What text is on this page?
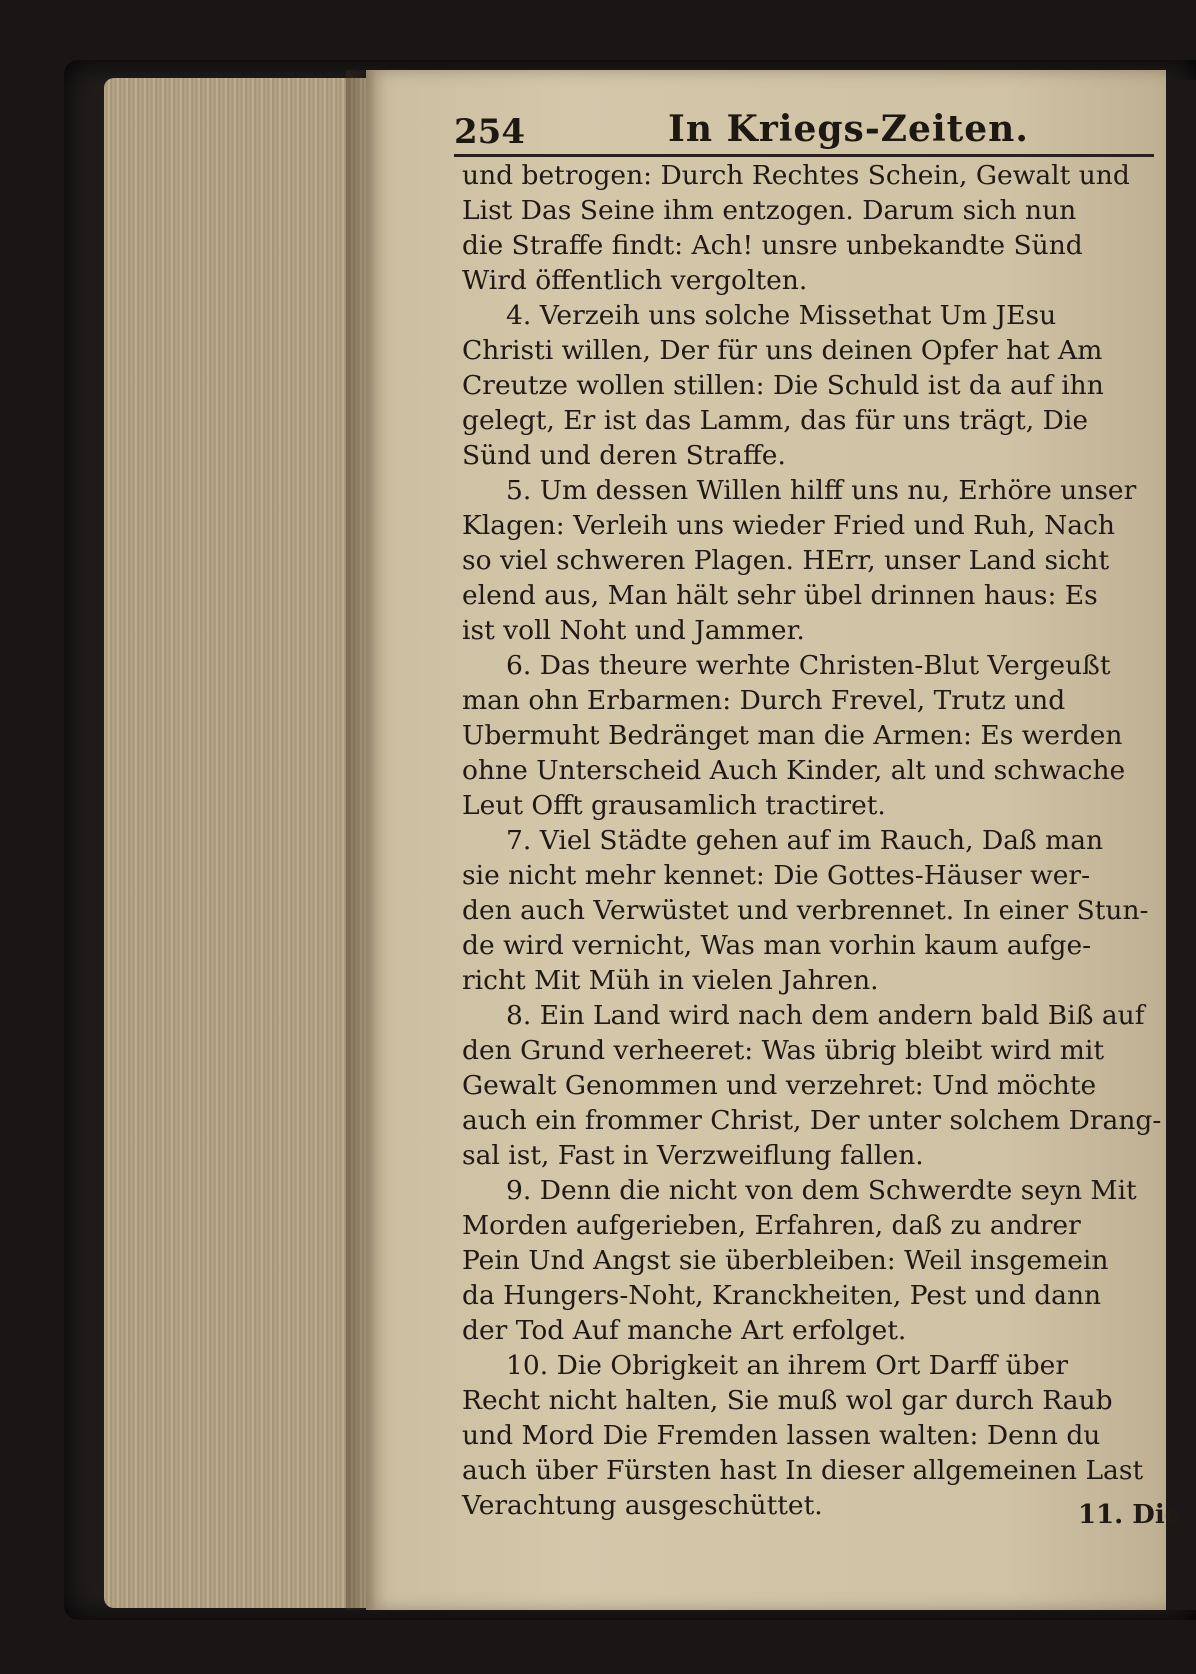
254	In Kriegs-Zeiten.
und betrogen: Durch Rechtes Schein, Gewalt und
List Das Seine ihm entzogen. Darum sich nun
die Straffe findt: Ach! unsre unbekandte Sünd
Wird öffentlich vergolten.
4. Verzeih uns solche Missethat Um JEsu
Christi willen, Der für uns deinen Opfer hat Am
Creutze wollen stillen: Die Schuld ist da auf ihn
gelegt, Er ist das Lamm, das für uns trägt, Die
Sünd und deren Straffe.
5. Um dessen Willen hilff uns nu, Erhöre unser
Klagen: Verleih uns wieder Fried und Ruh, Nach
so viel schweren Plagen. HErr, unser Land sicht
elend aus, Man hält sehr übel drinnen haus: Es
ist voll Noht und Jammer.
6. Das theure werhte Christen-Blut Vergeußt
man ohn Erbarmen: Durch Frevel, Trutz und
Ubermuht Bedränget man die Armen: Es werden
ohne Unterscheid Auch Kinder, alt und schwache
Leut Offt grausamlich tractiret.
7. Viel Städte gehen auf im Rauch, Daß man
sie nicht mehr kennet: Die Gottes-Häuser wer-
den auch Verwüstet und verbrennet. In einer Stun-
de wird vernicht, Was man vorhin kaum aufge-
richt Mit Müh in vielen Jahren.
8. Ein Land wird nach dem andern bald Biß auf
den Grund verheeret: Was übrig bleibt wird mit
Gewalt Genommen und verzehret: Und möchte
auch ein frommer Christ, Der unter solchem Drang-
sal ist, Fast in Verzweiflung fallen.
9. Denn die nicht von dem Schwerdte seyn Mit
Morden aufgerieben, Erfahren, daß zu andrer
Pein Und Angst sie überbleiben: Weil insgemein
da Hungers-Noht, Kranckheiten, Pest und dann
der Tod Auf manche Art erfolget.
10. Die Obrigkeit an ihrem Ort Darff über
Recht nicht halten, Sie muß wol gar durch Raub
und Mord Die Fremden lassen walten: Denn du
auch über Fürsten hast In dieser allgemeinen Last
Verachtung ausgeschüttet.	11. Die
